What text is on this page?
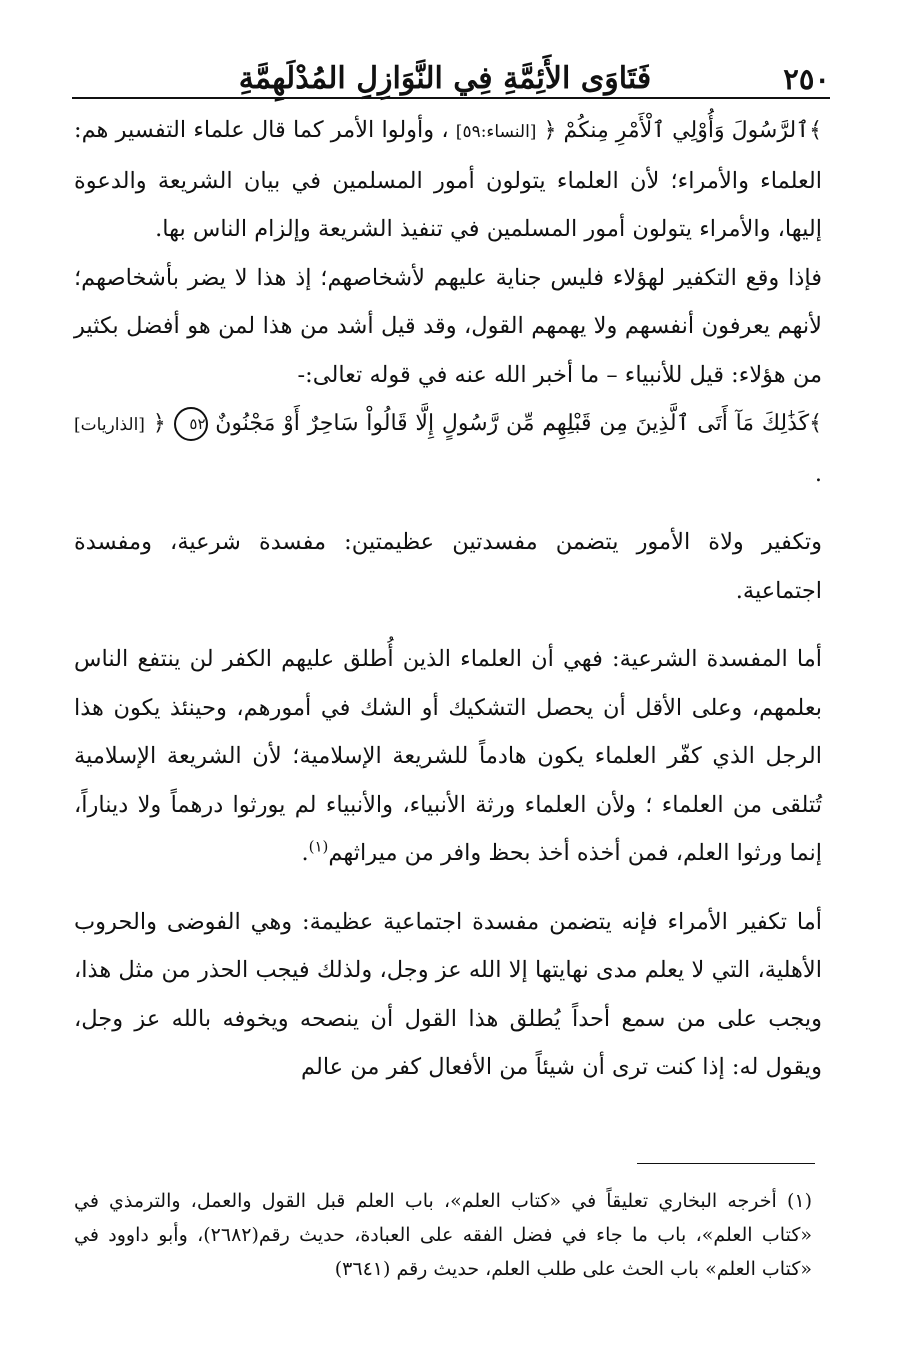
٢٥٠
فَتَاوَى الأَئِمَّةِ فِي النَّوَازِلِ المُدْلَهِمَّةِ

﴾ٱلرَّسُولَ وَأُوْلِي ٱلْأَمْرِ مِنكُمْ ﴿ [النساء:٥٩] ، وأولوا الأمر كما قال علماء التفسير هم: العلماء والأمراء؛ لأن العلماء يتولون أمور المسلمين في بيان الشريعة والدعوة إليها، والأمراء يتولون أمور المسلمين في تنفيذ الشريعة وإلزام الناس بها.

فإذا وقع التكفير لهؤلاء فليس جناية عليهم لأشخاصهم؛ إذ هذا لا يضر بأشخاصهم؛ لأنهم يعرفون أنفسهم ولا يهمهم القول، وقد قيل أشد من هذا لمن هو أفضل بكثير من هؤلاء: قيل للأنبياء – ما أخبر الله عنه في قوله تعالى:-

﴾كَذَٰلِكَ مَآ أَتَى ٱلَّذِينَ مِن قَبْلِهِم مِّن رَّسُولٍ إِلَّا قَالُواْ سَاحِرٌ أَوْ مَجْنُونٌ ٥٢ ﴿ [الذاريات] .

وتكفير ولاة الأمور يتضمن مفسدتين عظيمتين: مفسدة شرعية، ومفسدة اجتماعية.

أما المفسدة الشرعية: فهي أن العلماء الذين أُطلق عليهم الكفر لن ينتفع الناس بعلمهم، وعلى الأقل أن يحصل التشكيك أو الشك في أمورهم، وحينئذ يكون هذا الرجل الذي كفّر العلماء يكون هادماً للشريعة الإسلامية؛ لأن الشريعة الإسلامية تُتلقى من العلماء ؛ ولأن العلماء ورثة الأنبياء، والأنبياء لم يورثوا درهماً ولا ديناراً، إنما ورثوا العلم، فمن أخذه أخذ بحظ وافر من ميراثهم$^{(١)}$.

أما تكفير الأمراء فإنه يتضمن مفسدة اجتماعية عظيمة: وهي الفوضى والحروب الأهلية، التي لا يعلم مدى نهايتها إلا الله عز وجل، ولذلك فيجب الحذر من مثل هذا، ويجب على من سمع أحداً يُطلق هذا القول أن ينصحه ويخوفه بالله عز وجل، ويقول له: إذا كنت ترى أن شيئاً من الأفعال كفر من عالم

(١) أخرجه البخاري تعليقاً في «كتاب العلم»، باب العلم قبل القول والعمل، والترمذي في «كتاب العلم»، باب ما جاء في فضل الفقه على العبادة، حديث رقم(٢٦٨٢)، وأبو داوود في «كتاب العلم» باب الحث على طلب العلم، حديث رقم (٣٦٤١)
